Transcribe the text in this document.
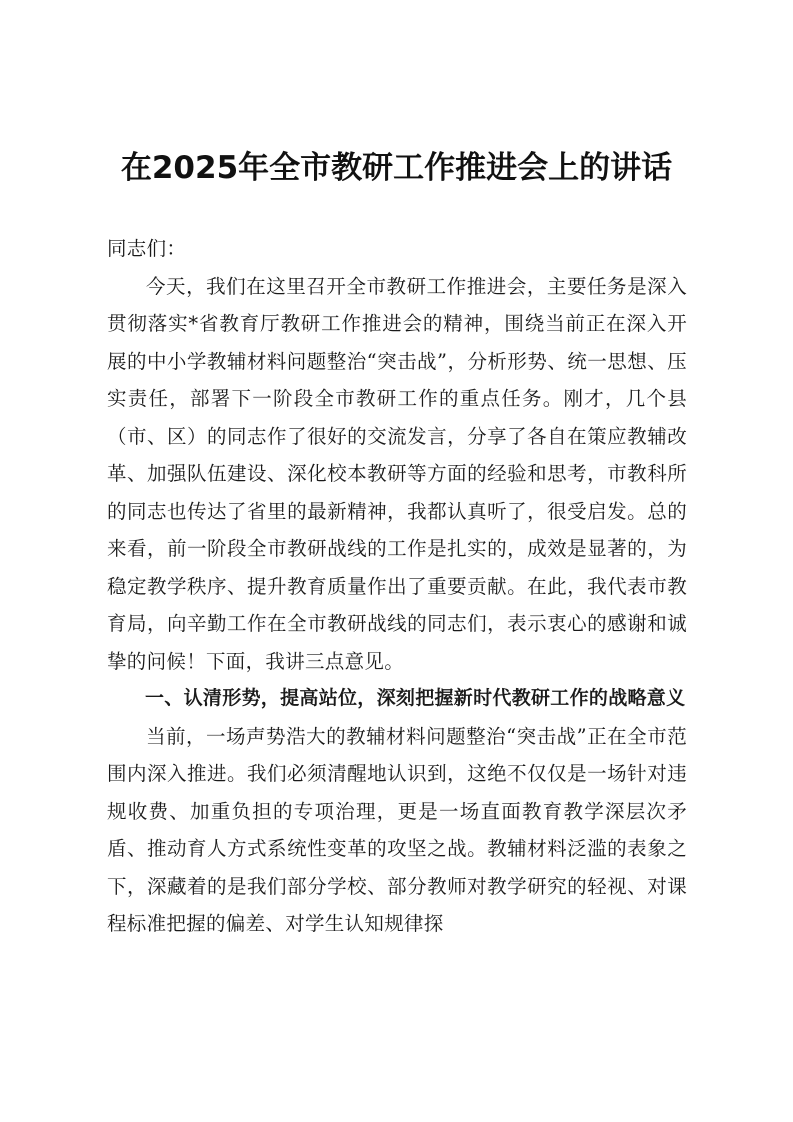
在2025年全市教研工作推进会上的讲话

同志们：

今天，我们在这里召开全市教研工作推进会，主要任务是深入贯彻落实*省教育厅教研工作推进会的精神，围绕当前正在深入开展的中小学教辅材料问题整治“突击战”，分析形势、统一思想、压实责任，部署下一阶段全市教研工作的重点任务。刚才，几个县（市、区）的同志作了很好的交流发言，分享了各自在策应教辅改革、加强队伍建设、深化校本教研等方面的经验和思考，市教科所的同志也传达了省里的最新精神，我都认真听了，很受启发。总的来看，前一阶段全市教研战线的工作是扎实的，成效是显著的，为稳定教学秩序、提升教育质量作出了重要贡献。在此，我代表市教育局，向辛勤工作在全市教研战线的同志们，表示衷心的感谢和诚挚的问候！下面，我讲三点意见。

一、认清形势，提高站位，深刻把握新时代教研工作的战略意义

当前，一场声势浩大的教辅材料问题整治“突击战”正在全市范围内深入推进。我们必须清醒地认识到，这绝不仅仅是一场针对违规收费、加重负担的专项治理，更是一场直面教育教学深层次矛盾、推动育人方式系统性变革的攻坚之战。教辅材料泛滥的表象之下，深藏着的是我们部分学校、部分教师对教学研究的轻视、对课程标准把握的偏差、对学生认知规律探
